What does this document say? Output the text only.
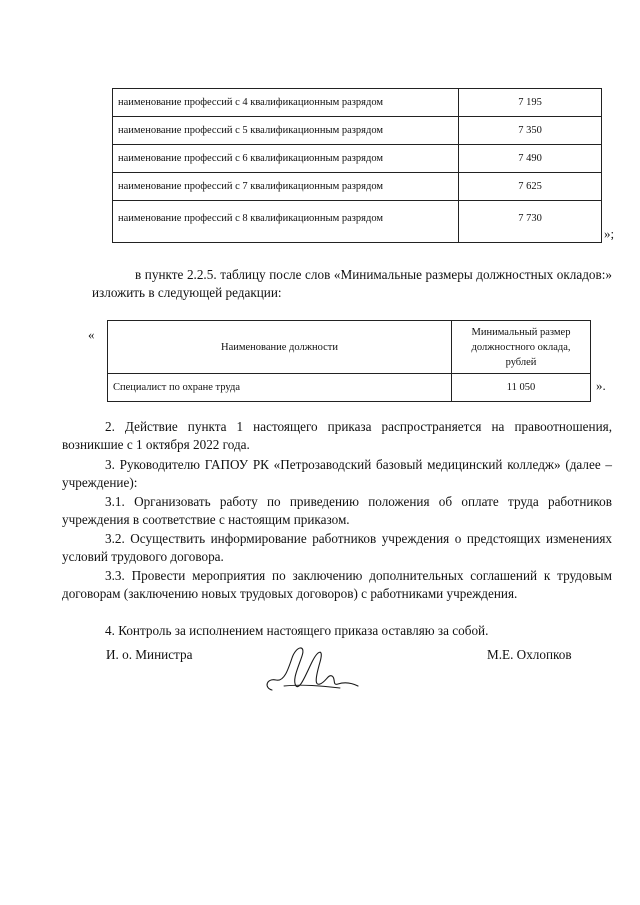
наименование профессий с 4 квалификационным разрядом	7 195
наименование профессий с 5 квалификационным разрядом	7 350
наименование профессий с 6 квалификационным разрядом	7 490
наименование профессий с 7 квалификационным разрядом	7 625
наименование профессий с 8 квалификационным разрядом	7 730
»;
в пункте 2.2.5. таблицу после слов «Минимальные размеры должностных окладов:» изложить в следующей редакции:
«
Наименование должности	Минимальный размер должностного оклада, рублей
Специалист по охране труда	11 050	».
2. Действие пункта 1 настоящего приказа распространяется на правоотношения, возникшие с 1 октября 2022 года.
3. Руководителю ГАПОУ РК «Петрозаводский базовый медицинский колледж» (далее – учреждение):
3.1. Организовать работу по приведению положения об оплате труда работников учреждения в соответствие с настоящим приказом.
3.2. Осуществить информирование работников учреждения о предстоящих изменениях условий трудового договора.
3.3. Провести мероприятия по заключению дополнительных соглашений к трудовым договорам (заключению новых трудовых договоров) с работниками учреждения.
4. Контроль за исполнением настоящего приказа оставляю за собой.
И. о. Министра	М.Е. Охлопков
